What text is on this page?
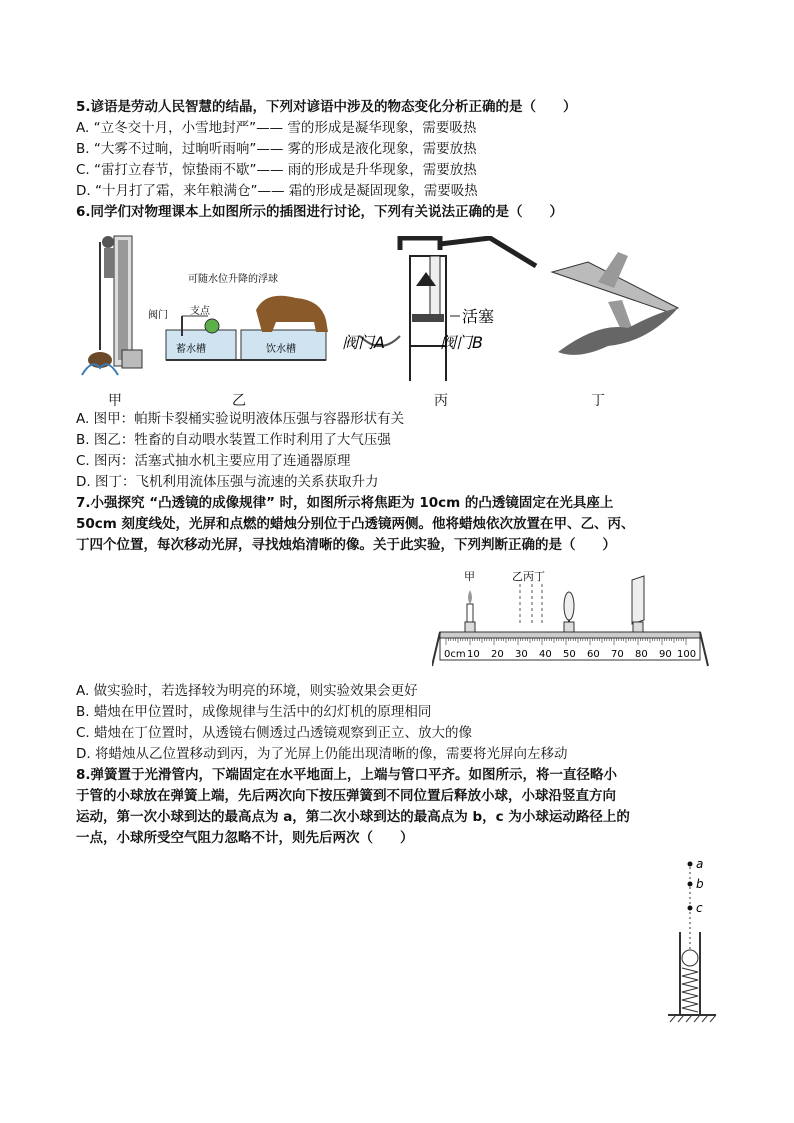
5.谚语是劳动人民智慧的结晶，下列对谚语中涉及的物态变化分析正确的是（　　）
A. “立冬交十月，小雪地封严”—— 雪的形成是凝华现象，需要吸热
B. “大雾不过晌，过晌听雨响”—— 雾的形成是液化现象，需要放热
C. “雷打立春节，惊蛰雨不歇”—— 雨的形成是升华现象，需要放热
D. “十月打了霜，来年粮满仓”—— 霜的形成是凝固现象，需要吸热
6.同学们对物理课本上如图所示的插图进行讨论，下列有关说法正确的是（　　）
可随水位升降的浮球
阀门 支点
蓄水槽	饮水槽
活塞
阀门A	阀门B
甲	乙	丙	丁
A. 图甲：帕斯卡裂桶实验说明液体压强与容器形状有关
B. 图乙：牲畜的自动喂水装置工作时利用了大气压强
C. 图丙：活塞式抽水机主要应用了连通器原理
D. 图丁：飞机利用流体压强与流速的关系获取升力
7.小强探究 “凸透镜的成像规律” 时，如图所示将焦距为 10cm 的凸透镜固定在光具座上
50cm 刻度线处，光屏和点燃的蜡烛分别位于凸透镜两侧。他将蜡烛依次放置在甲、乙、丙、
丁四个位置，每次移动光屏，寻找烛焰清晰的像。关于此实验，下列判断正确的是（　　）
甲	乙丙丁
0cm 10 20 30 40 50 60 70 80 90 100
A. 做实验时，若选择较为明亮的环境，则实验效果会更好
B. 蜡烛在甲位置时，成像规律与生活中的幻灯机的原理相同
C. 蜡烛在丁位置时，从透镜右侧透过凸透镜观察到正立、放大的像
D. 将蜡烛从乙位置移动到丙，为了光屏上仍能出现清晰的像，需要将光屏向左移动
8.弹簧置于光滑管内，下端固定在水平地面上，上端与管口平齐。如图所示，将一直径略小
于管的小球放在弹簧上端，先后两次向下按压弹簧到不同位置后释放小球，小球沿竖直方向
运动，第一次小球到达的最高点为 a，第二次小球到达的最高点为 b，c 为小球运动路径上的
一点，小球所受空气阻力忽略不计，则先后两次（　　）
a
b
c
